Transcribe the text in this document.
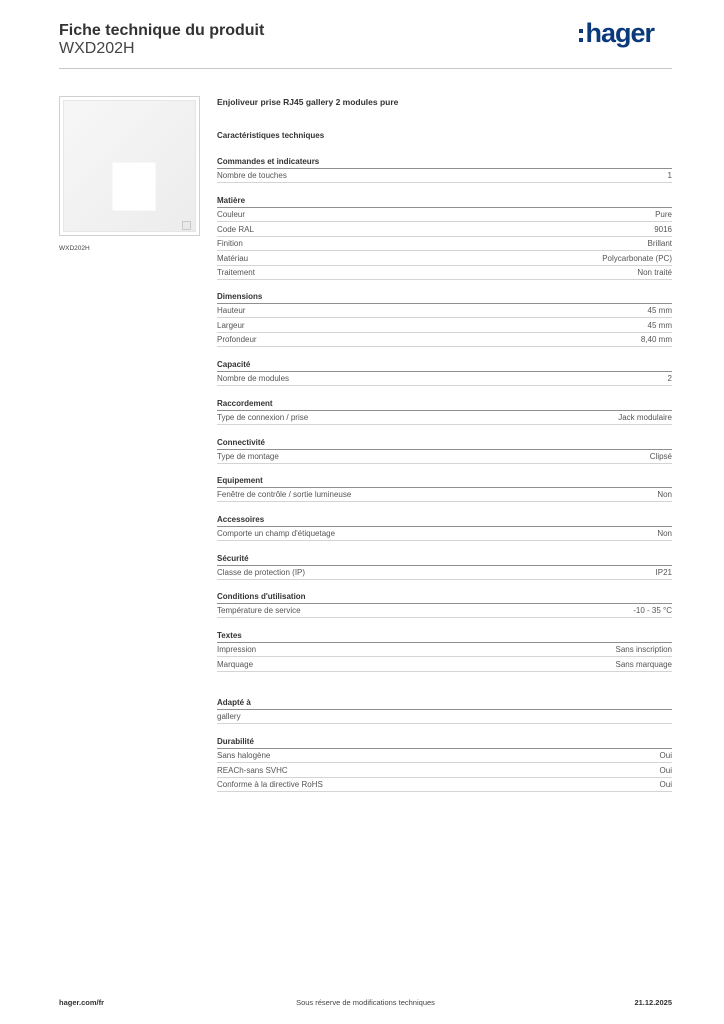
Fiche technique du produit
WXD202H
hager
WXD202H
Enjoliveur prise RJ45 gallery 2 modules pure
Caractéristiques techniques
Commandes et indicateurs
Nombre de touches	1
Matière
Couleur	Pure
Code RAL	9016
Finition	Brillant
Matériau	Polycarbonate (PC)
Traitement	Non traité
Dimensions
Hauteur	45 mm
Largeur	45 mm
Profondeur	8,40 mm
Capacité
Nombre de modules	2
Raccordement
Type de connexion / prise	Jack modulaire
Connectivité
Type de montage	Clipsé
Equipement
Fenêtre de contrôle / sortie lumineuse	Non
Accessoires
Comporte un champ d'étiquetage	Non
Sécurité
Classe de protection (IP)	IP21
Conditions d'utilisation
Température de service	-10 - 35 °C
Textes
Impression	Sans inscription
Marquage	Sans marquage
Adapté à
gallery
Durabilité
Sans halogène	Oui
REACh-sans SVHC	Oui
Conforme à la directive RoHS	Oui
Sous réserve de modifications techniques
hager.com/fr	21.12.2025
